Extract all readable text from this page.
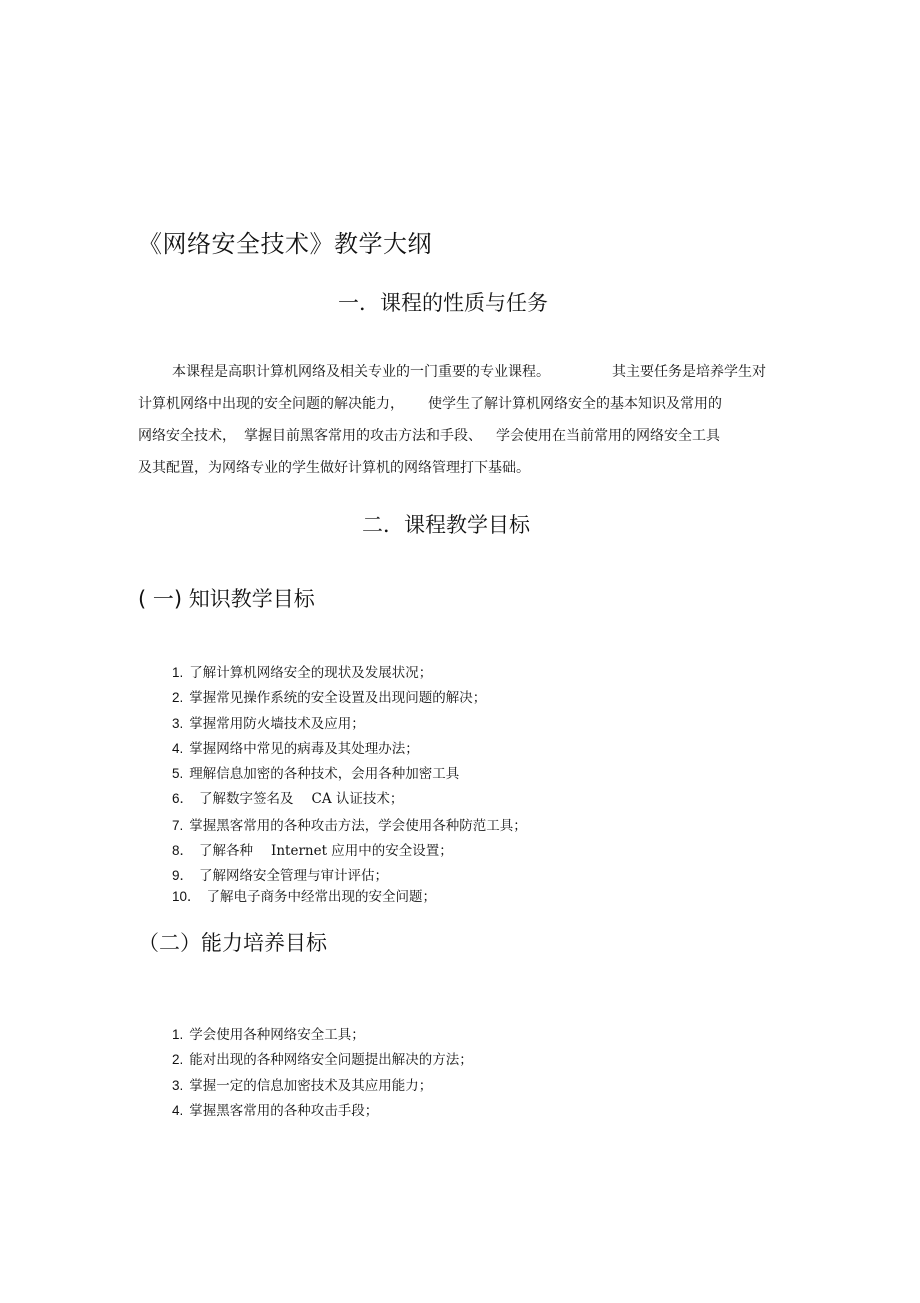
《网络安全技术》教学大纲
一．课程的性质与任务
本课程是高职计算机网络及相关专业的一门重要的专业课程。	其主要任务是培养学生对
计算机网络中出现的安全问题的解决能力， 使学生了解计算机网络安全的基本知识及常用的
网络安全技术， 掌握目前黑客常用的攻击方法和手段、 学会使用在当前常用的网络安全工具
及其配置，为网络专业的学生做好计算机的网络管理打下基础。
二．课程教学目标
( 一) 知识教学目标
1. 了解计算机网络安全的现状及发展状况；
2. 掌握常见操作系统的安全设置及出现问题的解决；
3. 掌握常用防火墙技术及应用；
4. 掌握网络中常见的病毒及其处理办法；
5. 理解信息加密的各种技术，会用各种加密工具
6． 了解数字签名及 CA 认证技术；
7. 掌握黑客常用的各种攻击方法，学会使用各种防范工具；
8． 了解各种 Internet 应用中的安全设置；
9． 了解网络安全管理与审计评估；
10． 了解电子商务中经常出现的安全问题；
（二）能力培养目标
1. 学会使用各种网络安全工具；
2. 能对出现的各种网络安全问题提出解决的方法；
3. 掌握一定的信息加密技术及其应用能力；
4. 掌握黑客常用的各种攻击手段；
